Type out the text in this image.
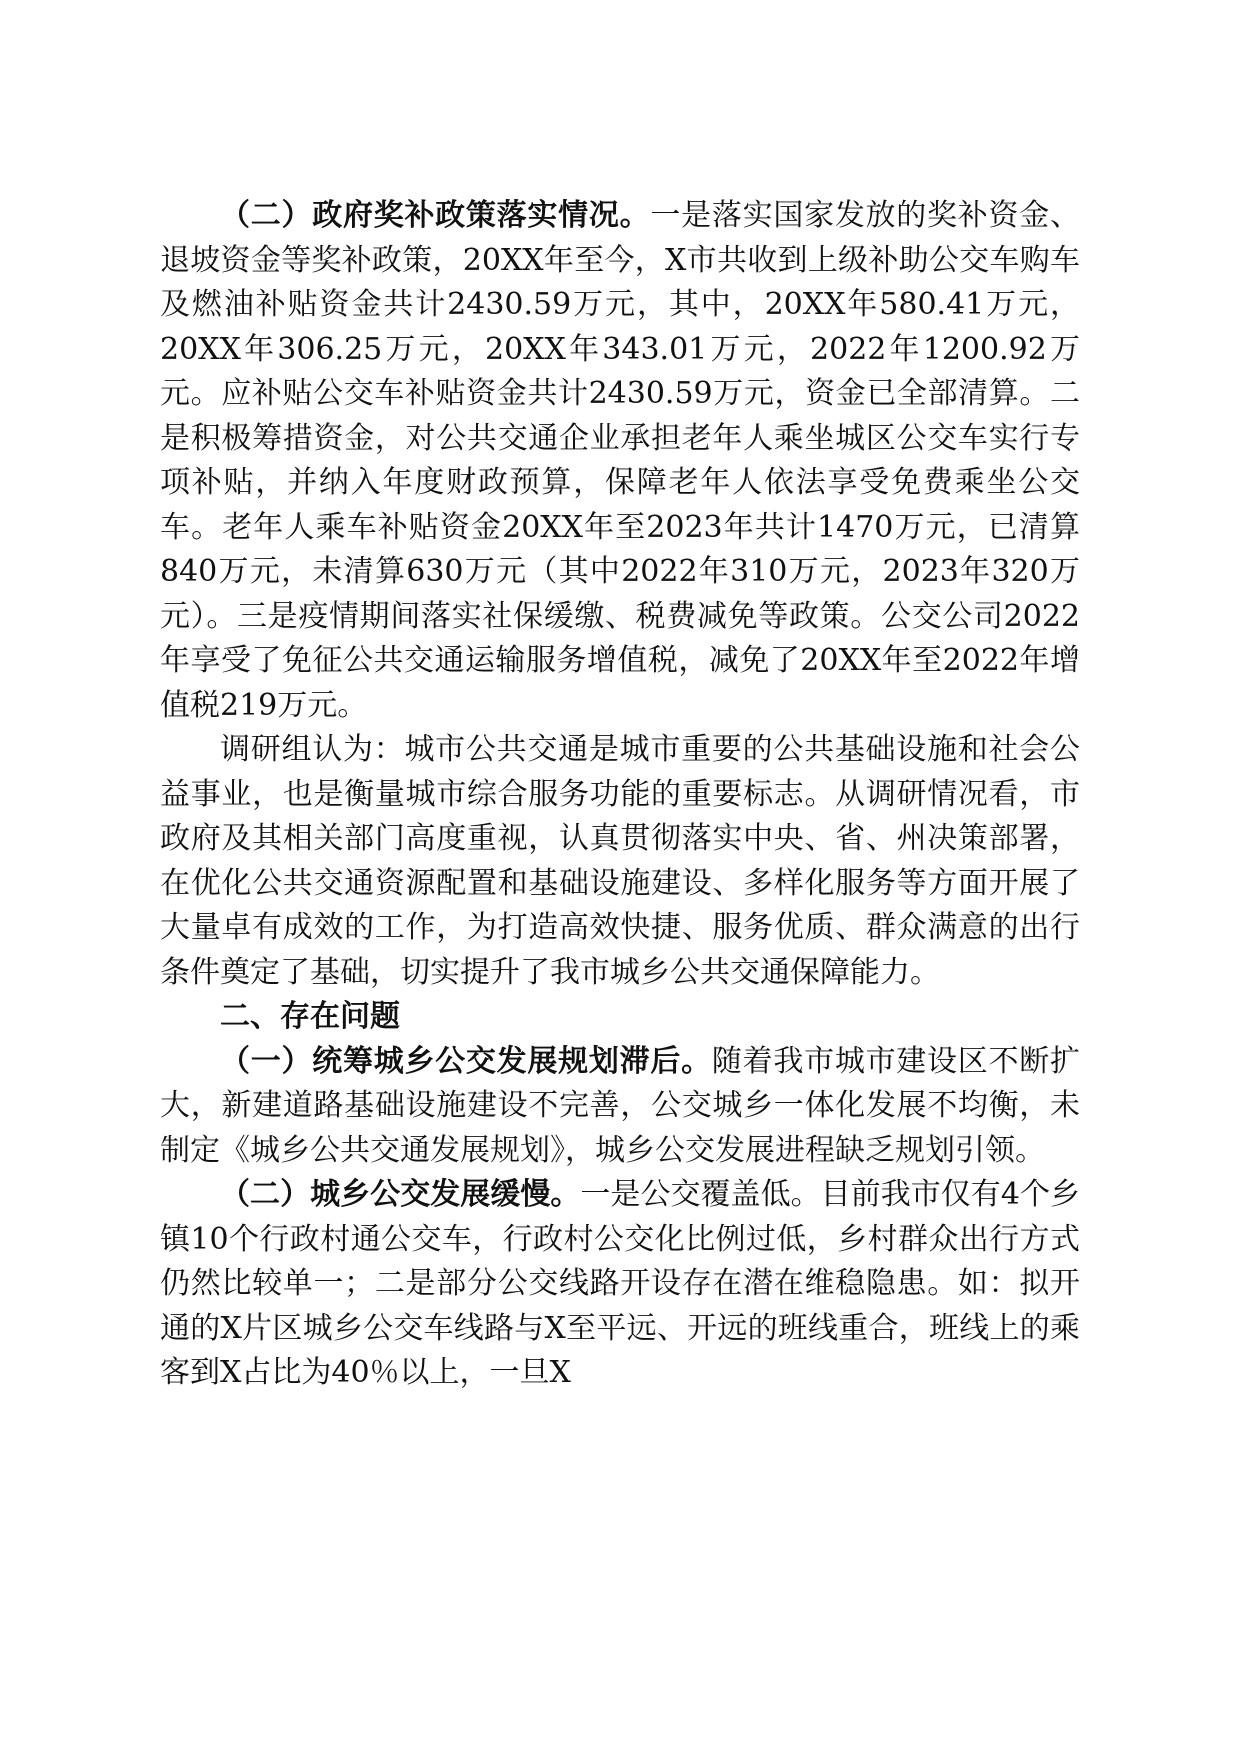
（二）政府奖补政策落实情况。一是落实国家发放的奖补资金、退坡资金等奖补政策，20XX年至今，X市共收到上级补助公交车购车及燃油补贴资金共计2430.59万元，其中，20XX年580.41万元，20XX年306.25万元，20XX年343.01万元，2022年1200.92万元。应补贴公交车补贴资金共计2430.59万元，资金已全部清算。二是积极筹措资金，对公共交通企业承担老年人乘坐城区公交车实行专项补贴，并纳入年度财政预算，保障老年人依法享受免费乘坐公交车。老年人乘车补贴资金20XX年至2023年共计1470万元，已清算840万元，未清算630万元（其中2022年310万元，2023年320万元）。三是疫情期间落实社保缓缴、税费减免等政策。公交公司2022年享受了免征公共交通运输服务增值税，减免了20XX年至2022年增值税219万元。

调研组认为：城市公共交通是城市重要的公共基础设施和社会公益事业，也是衡量城市综合服务功能的重要标志。从调研情况看，市政府及其相关部门高度重视，认真贯彻落实中央、省、州决策部署，在优化公共交通资源配置和基础设施建设、多样化服务等方面开展了大量卓有成效的工作，为打造高效快捷、服务优质、群众满意的出行条件奠定了基础，切实提升了我市城乡公共交通保障能力。

二、存在问题

（一）统筹城乡公交发展规划滞后。随着我市城市建设区不断扩大，新建道路基础设施建设不完善，公交城乡一体化发展不均衡，未制定《城乡公共交通发展规划》，城乡公交发展进程缺乏规划引领。

（二）城乡公交发展缓慢。一是公交覆盖低。目前我市仅有4个乡镇10个行政村通公交车，行政村公交化比例过低，乡村群众出行方式仍然比较单一；二是部分公交线路开设存在潜在维稳隐患。如：拟开通的X片区城乡公交车线路与X至平远、开远的班线重合，班线上的乘客到X占比为40％以上，一旦X
